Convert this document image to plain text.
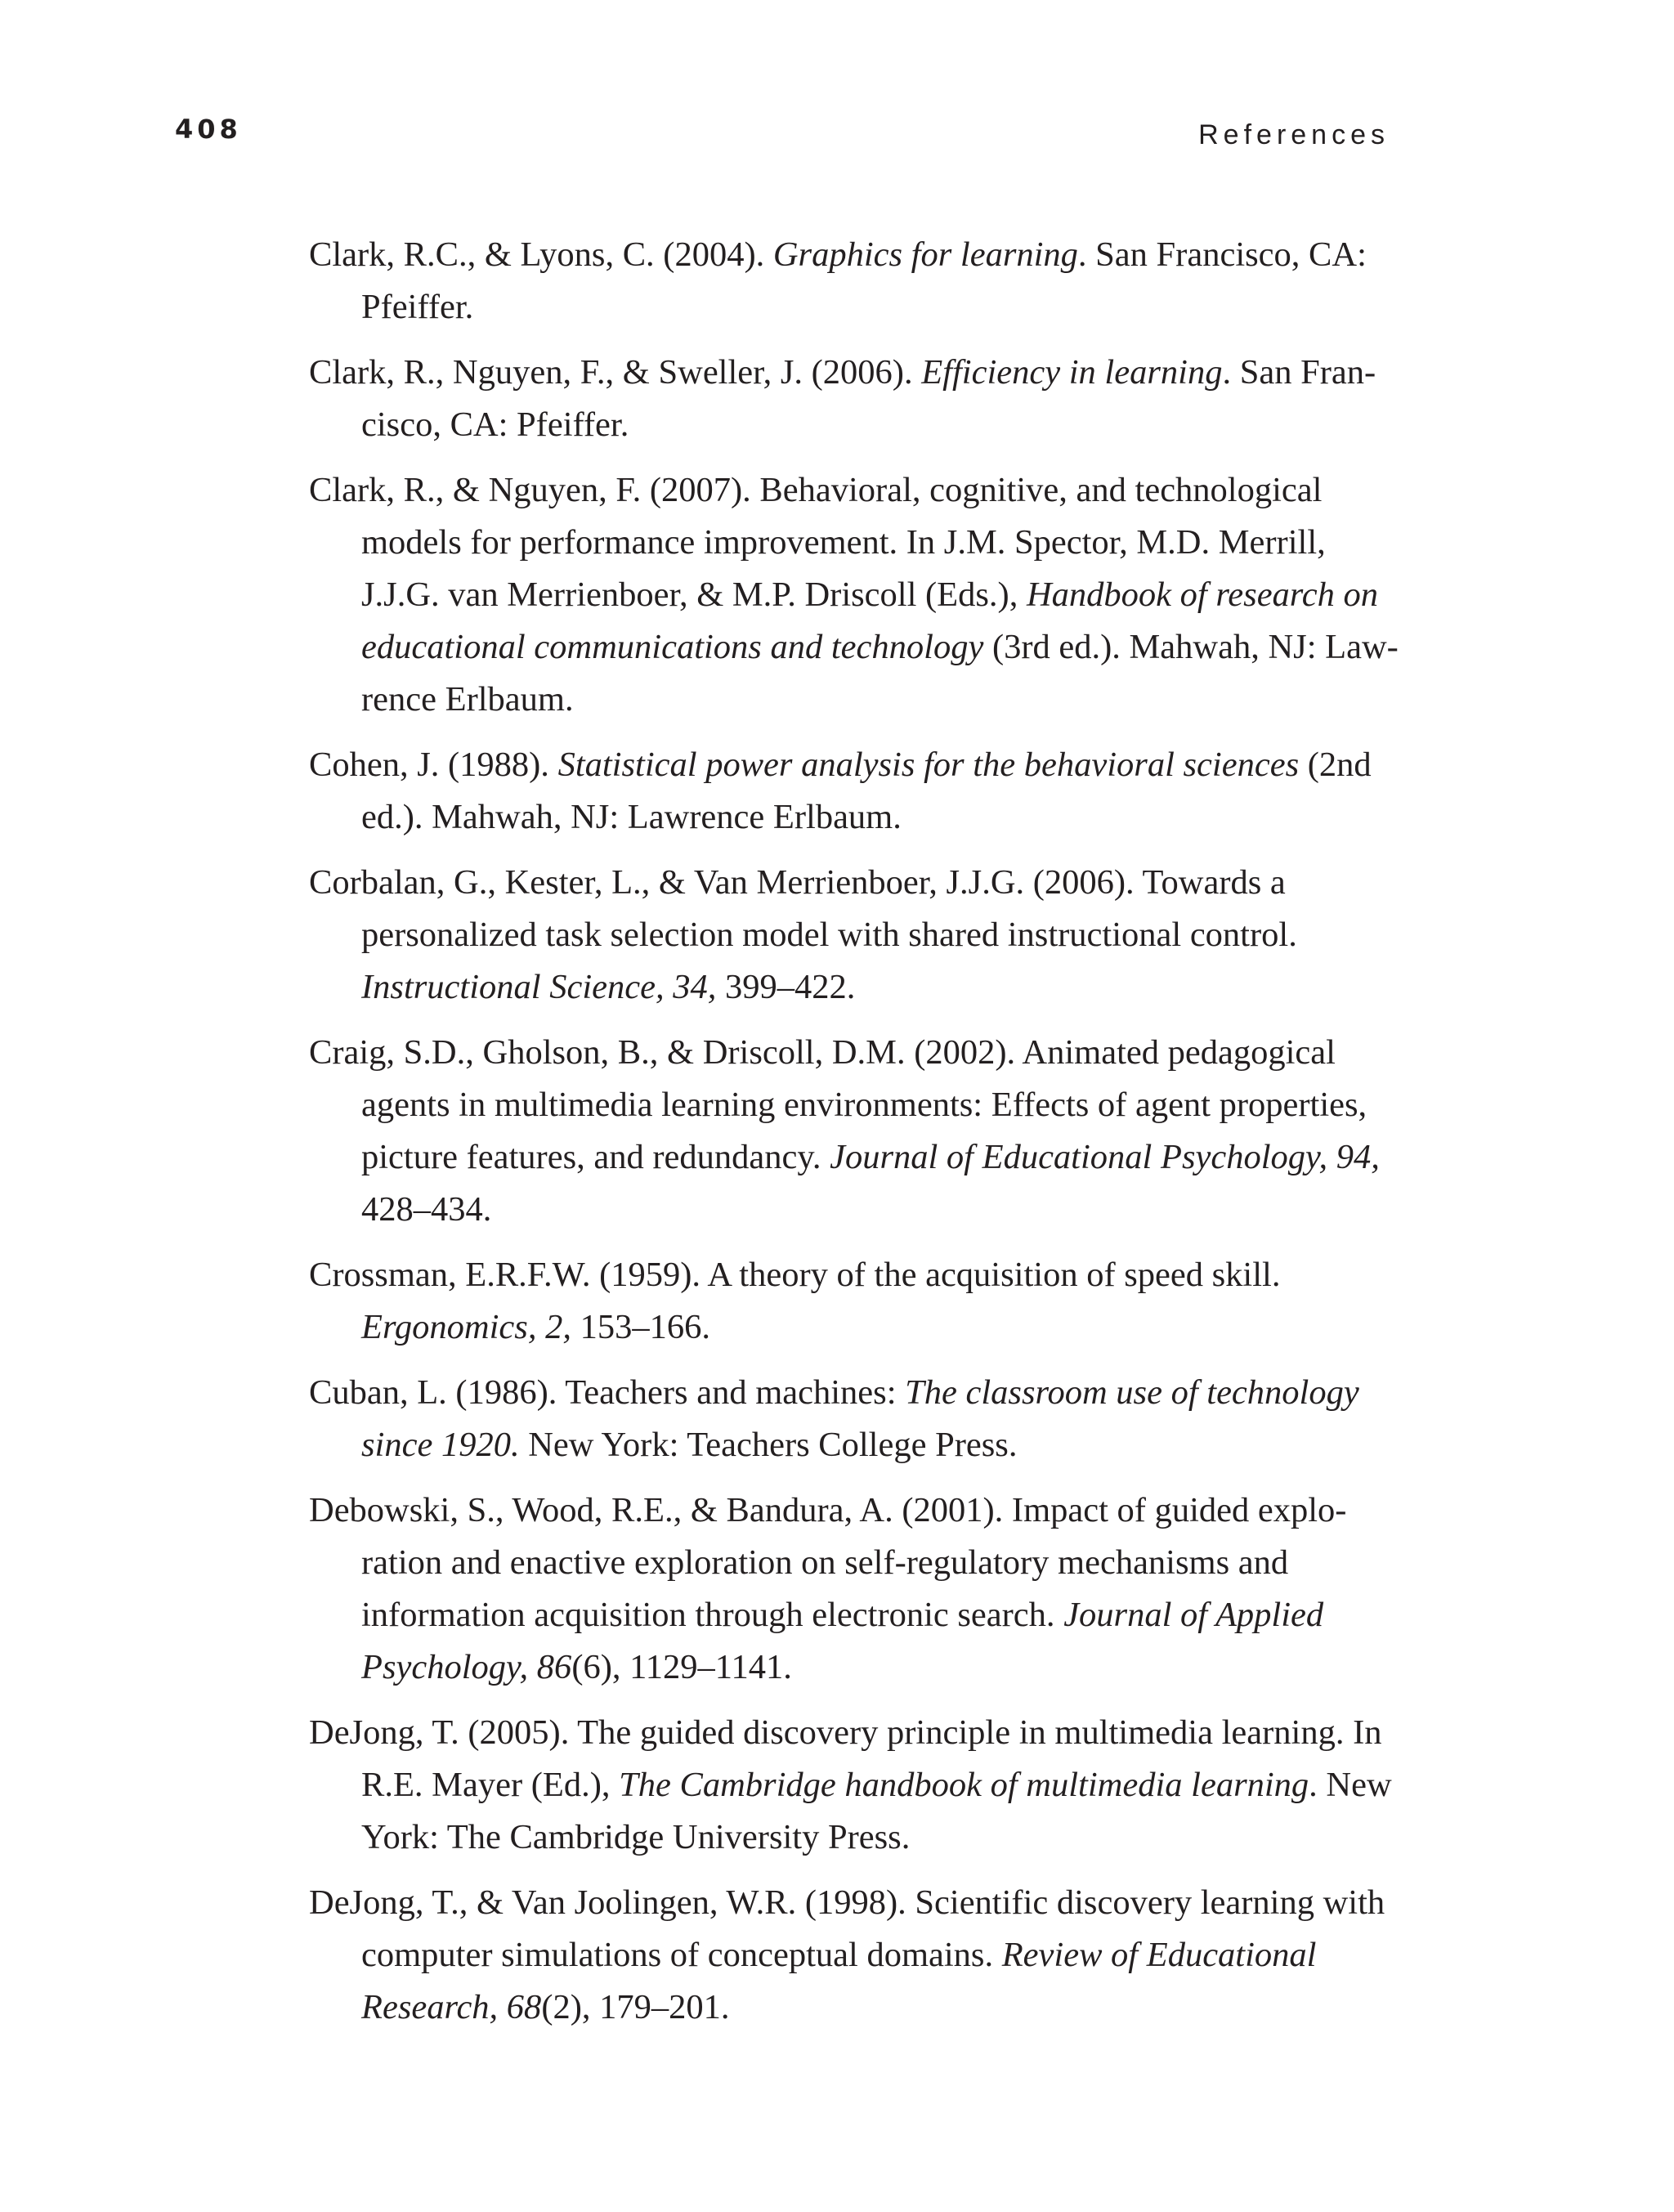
408	References
Clark, R.C., & Lyons, C. (2004). Graphics for learning. San Francisco, CA: Pfeiffer.
Clark, R., Nguyen, F., & Sweller, J. (2006). Efficiency in learning. San Francisco, CA: Pfeiffer.
Clark, R., & Nguyen, F. (2007). Behavioral, cognitive, and technological models for performance improvement. In J.M. Spector, M.D. Merrill, J.J.G. van Merrienboer, & M.P. Driscoll (Eds.), Handbook of research on educational communications and technology (3rd ed.). Mahwah, NJ: Lawrence Erlbaum.
Cohen, J. (1988). Statistical power analysis for the behavioral sciences (2nd ed.). Mahwah, NJ: Lawrence Erlbaum.
Corbalan, G., Kester, L., & Van Merrienboer, J.J.G. (2006). Towards a personalized task selection model with shared instructional control. Instructional Science, 34, 399–422.
Craig, S.D., Gholson, B., & Driscoll, D.M. (2002). Animated pedagogical agents in multimedia learning environments: Effects of agent properties, picture features, and redundancy. Journal of Educational Psychology, 94, 428–434.
Crossman, E.R.F.W. (1959). A theory of the acquisition of speed skill. Ergonomics, 2, 153–166.
Cuban, L. (1986). Teachers and machines: The classroom use of technology since 1920. New York: Teachers College Press.
Debowski, S., Wood, R.E., & Bandura, A. (2001). Impact of guided exploration and enactive exploration on self-regulatory mechanisms and information acquisition through electronic search. Journal of Applied Psychology, 86(6), 1129–1141.
DeJong, T. (2005). The guided discovery principle in multimedia learning. In R.E. Mayer (Ed.), The Cambridge handbook of multimedia learning. New York: The Cambridge University Press.
DeJong, T., & Van Joolingen, W.R. (1998). Scientific discovery learning with computer simulations of conceptual domains. Review of Educational Research, 68(2), 179–201.
